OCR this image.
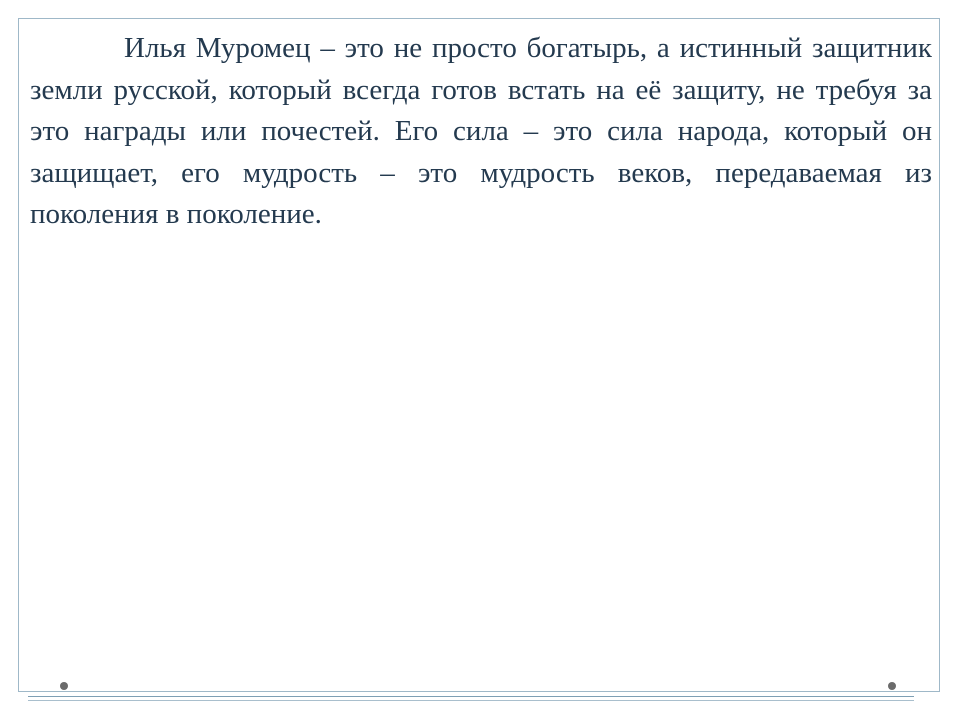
Илья Муромец – это не просто богатырь, а истинный защитник земли русской, который всегда готов встать на её защиту, не требуя за это награды или почестей. Его сила – это сила народа, который он защищает, его мудрость – это мудрость веков, передаваемая из поколения в поколение.
